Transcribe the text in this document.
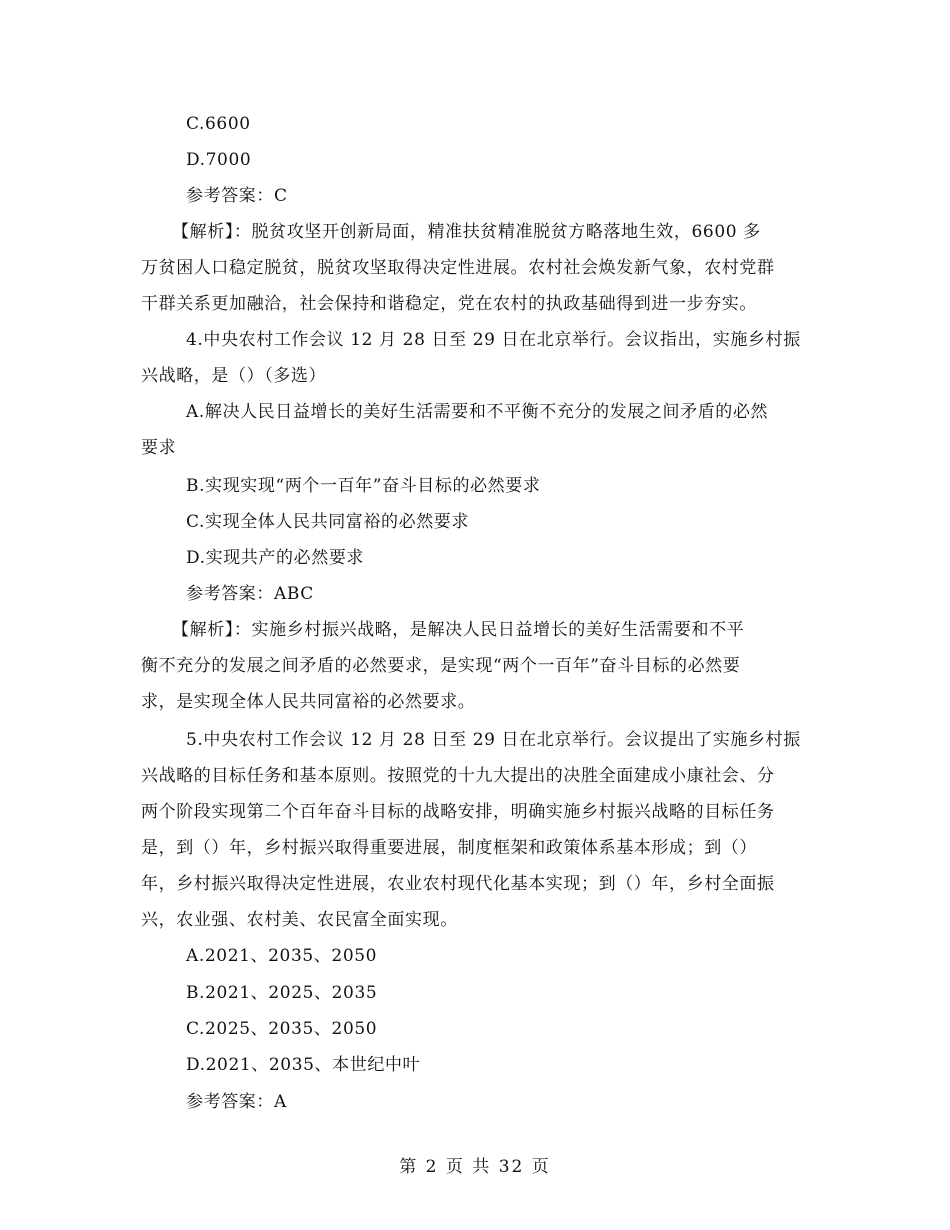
C.6600
D.7000
参考答案：C
【解析】：脱贫攻坚开创新局面，精准扶贫精准脱贫方略落地生效，6600 多
万贫困人口稳定脱贫，脱贫攻坚取得决定性进展。农村社会焕发新气象，农村党群
干群关系更加融洽，社会保持和谐稳定，党在农村的执政基础得到进一步夯实。
4.中央农村工作会议 12 月 28 日至 29 日在北京举行。会议指出，实施乡村振
兴战略，是（）（多选）
A.解决人民日益增长的美好生活需要和不平衡不充分的发展之间矛盾的必然
要求
B.实现实现“两个一百年”奋斗目标的必然要求
C.实现全体人民共同富裕的必然要求
D.实现共产的必然要求
参考答案：ABC
【解析】：实施乡村振兴战略，是解决人民日益增长的美好生活需要和不平
衡不充分的发展之间矛盾的必然要求，是实现“两个一百年”奋斗目标的必然要
求，是实现全体人民共同富裕的必然要求。
5.中央农村工作会议 12 月 28 日至 29 日在北京举行。会议提出了实施乡村振
兴战略的目标任务和基本原则。按照党的十九大提出的决胜全面建成小康社会、分
两个阶段实现第二个百年奋斗目标的战略安排，明确实施乡村振兴战略的目标任务
是，到（）年，乡村振兴取得重要进展，制度框架和政策体系基本形成；到（）
年，乡村振兴取得决定性进展，农业农村现代化基本实现；到（）年，乡村全面振
兴，农业强、农村美、农民富全面实现。
A.2021、2035、2050
B.2021、2025、2035
C.2025、2035、2050
D.2021、2035、本世纪中叶
参考答案：A
第 2 页 共 32 页
